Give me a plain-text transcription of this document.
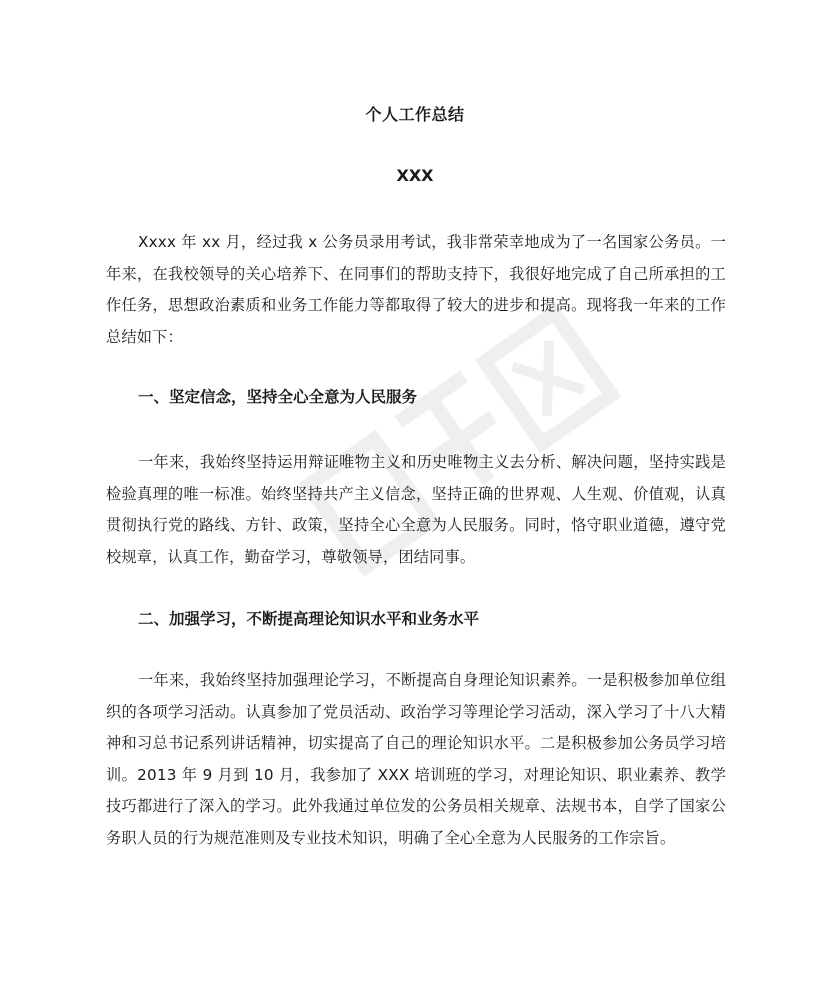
个人工作总结
XXX

Xxxx 年 xx 月，经过我 x 公务员录用考试，我非常荣幸地成为了一名国家公务员。一年来，在我校领导的关心培养下、在同事们的帮助支持下，我很好地完成了自己所承担的工作任务，思想政治素质和业务工作能力等都取得了较大的进步和提高。现将我一年来的工作总结如下：

一、坚定信念，坚持全心全意为人民服务

一年来，我始终坚持运用辩证唯物主义和历史唯物主义去分析、解决问题，坚持实践是检验真理的唯一标准。始终坚持共产主义信念，坚持正确的世界观、人生观、价值观，认真贯彻执行党的路线、方针、政策，坚持全心全意为人民服务。同时，恪守职业道德，遵守党校规章，认真工作，勤奋学习，尊敬领导，团结同事。

二、加强学习，不断提高理论知识水平和业务水平

一年来，我始终坚持加强理论学习，不断提高自身理论知识素养。一是积极参加单位组织的各项学习活动。认真参加了党员活动、政治学习等理论学习活动，深入学习了十八大精神和习总书记系列讲话精神，切实提高了自己的理论知识水平。二是积极参加公务员学习培训。2013 年 9 月到 10 月，我参加了 XXX 培训班的学习，对理论知识、职业素养、教学技巧都进行了深入的学习。此外我通过单位发的公务员相关规章、法规书本，自学了国家公务职人员的行为规范准则及专业技术知识，明确了全心全意为人民服务的工作宗旨。
